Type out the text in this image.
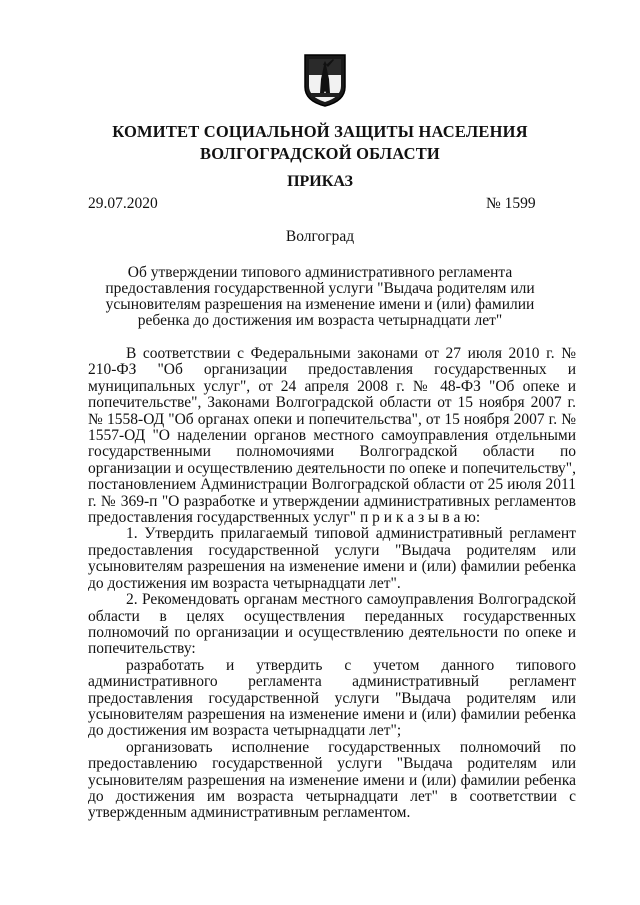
КОМИТЕТ СОЦИАЛЬНОЙ ЗАЩИТЫ НАСЕЛЕНИЯ
ВОЛГОГРАДСКОЙ ОБЛАСТИ
ПРИКАЗ
29.07.2020	№ 1599
Волгоград
Об утверждении типового административного регламента предоставления государственной услуги "Выдача родителям или усыновителям разрешения на изменение имени и (или) фамилии ребенка до достижения им возраста четырнадцати лет"

В соответствии с Федеральными законами от 27 июля 2010 г. № 210-ФЗ "Об организации предоставления государственных и муниципальных услуг", от 24 апреля 2008 г. № 48-ФЗ "Об опеке и попечительстве", Законами Волгоградской области от 15 ноября 2007 г. № 1558-ОД "Об органах опеки и попечительства", от 15 ноября 2007 г. № 1557-ОД "О наделении органов местного самоуправления отдельными государственными полномочиями Волгоградской области по организации и осуществлению деятельности по опеке и попечительству", постановлением Администрации Волгоградской области от 25 июля 2011 г. № 369-п "О разработке и утверждении административных регламентов предоставления государственных услуг" п р и к а з ы в а ю:

1. Утвердить прилагаемый типовой административный регламент предоставления государственной услуги "Выдача родителям или усыновителям разрешения на изменение имени и (или) фамилии ребенка до достижения им возраста четырнадцати лет".

2. Рекомендовать органам местного самоуправления Волгоградской области в целях осуществления переданных государственных полномочий по организации и осуществлению деятельности по опеке и попечительству:

разработать и утвердить с учетом данного типового административного регламента административный регламент предоставления государственной услуги "Выдача родителям или усыновителям разрешения на изменение имени и (или) фамилии ребенка до достижения им возраста четырнадцати лет";

организовать исполнение государственных полномочий по предоставлению государственной услуги "Выдача родителям или усыновителям разрешения на изменение имени и (или) фамилии ребенка до достижения им возраста четырнадцати лет" в соответствии с утвержденным административным регламентом.
